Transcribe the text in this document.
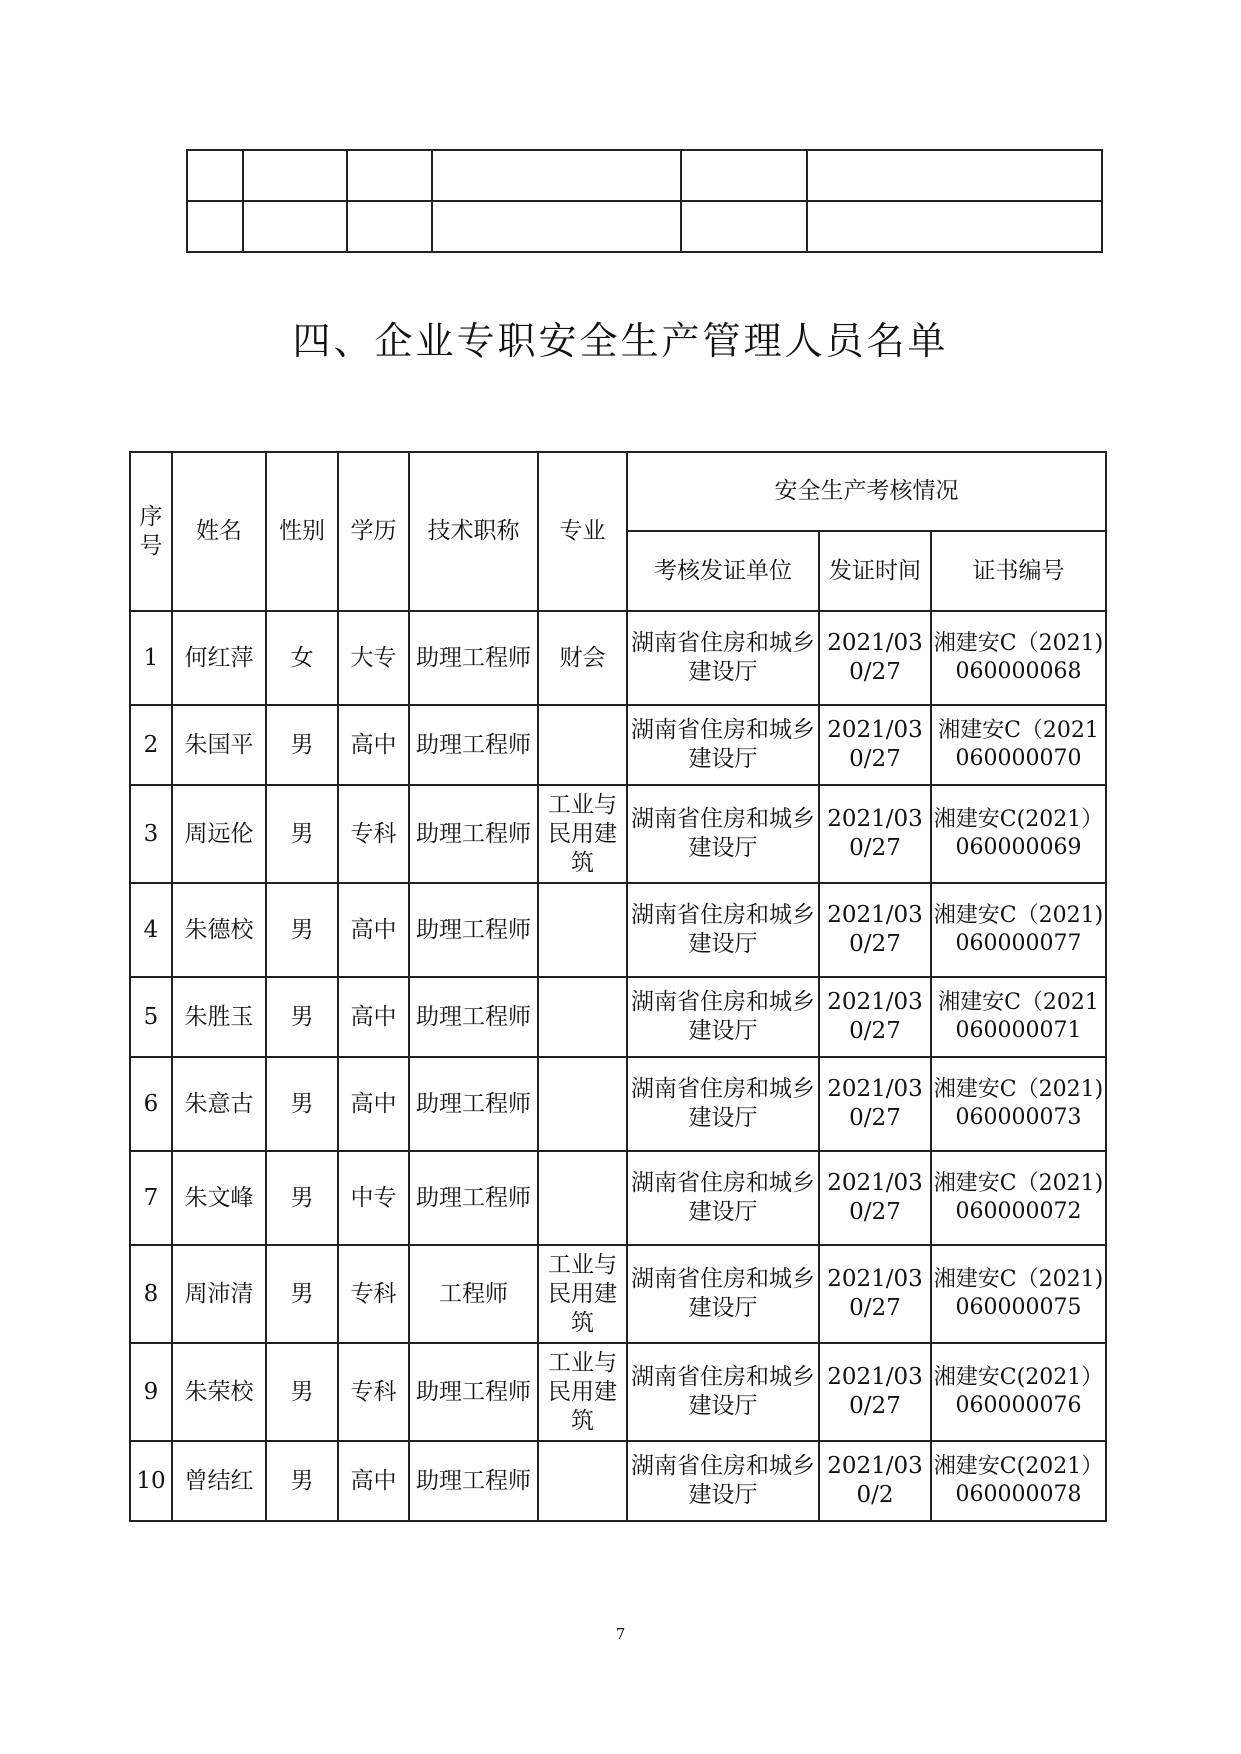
四、企业专职安全生产管理人员名单
序号	姓名	性别	学历	技术职称	专业	安全生产考核情况		
						考核发证单位	发证时间	证书编号
1	何红萍	女	大专	助理工程师	财会	湖南省住房和城乡建设厅	2021/030/27	湘建安C（2021)060000068
2	朱国平	男	高中	助理工程师		湖南省住房和城乡建设厅	2021/030/27	湘建安C（2021060000070
3	周远伦	男	专科	助理工程师	工业与民用建筑	湖南省住房和城乡建设厅	2021/030/27	湘建安C(2021）060000069
4	朱德校	男	高中	助理工程师		湖南省住房和城乡建设厅	2021/030/27	湘建安C（2021)060000077
5	朱胜玉	男	高中	助理工程师		湖南省住房和城乡建设厅	2021/030/27	湘建安C（2021060000071
6	朱意古	男	高中	助理工程师		湖南省住房和城乡建设厅	2021/030/27	湘建安C（2021)060000073
7	朱文峰	男	中专	助理工程师		湖南省住房和城乡建设厅	2021/030/27	湘建安C（2021)060000072
8	周沛清	男	专科	工程师	工业与民用建筑	湖南省住房和城乡建设厅	2021/030/27	湘建安C（2021)060000075
9	朱荣校	男	专科	助理工程师	工业与民用建筑	湖南省住房和城乡建设厅	2021/030/27	湘建安C(2021）060000076
10	曾结红	男	高中	助理工程师		湖南省住房和城乡建设厅	2021/030/2	湘建安C(2021）060000078
7
